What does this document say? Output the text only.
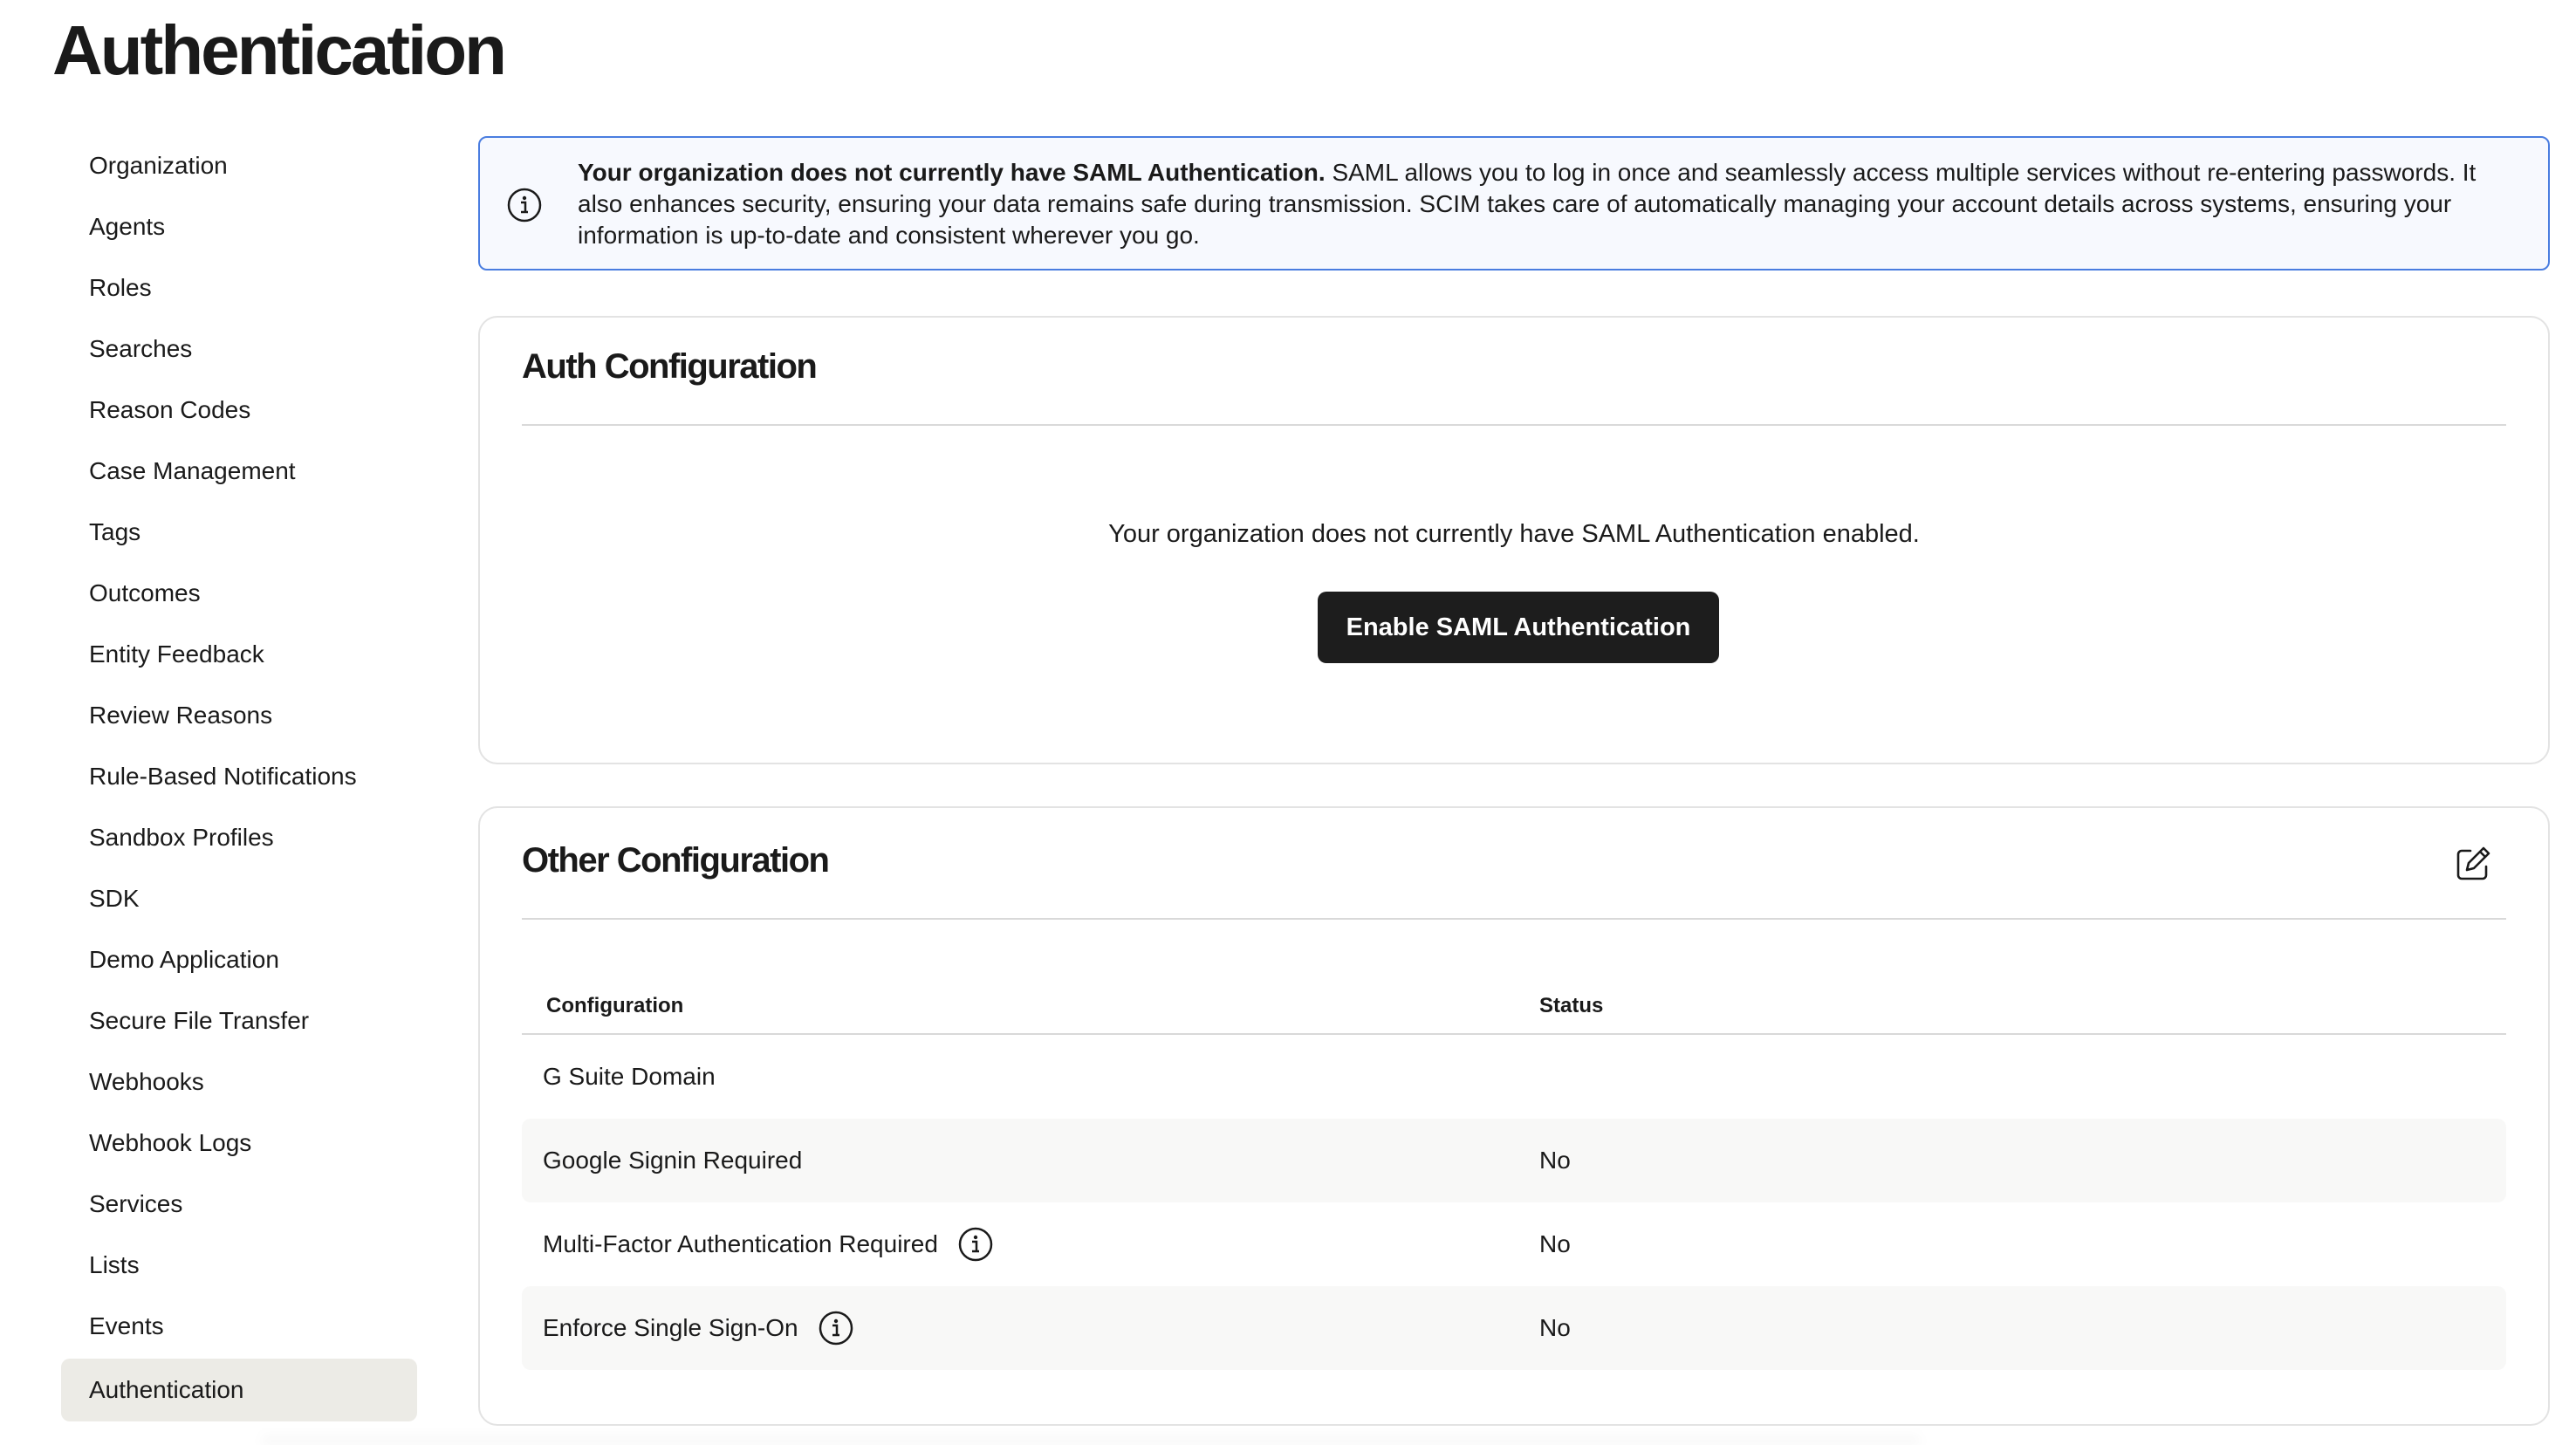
Authentication
Organization
Agents
Roles
Searches
Reason Codes
Case Management
Tags
Outcomes
Entity Feedback
Review Reasons
Rule-Based Notifications
Sandbox Profiles
SDK
Demo Application
Secure File Transfer
Webhooks
Webhook Logs
Services
Lists
Events
Authentication
Your organization does not currently have SAML Authentication. SAML allows you to log in once and seamlessly access multiple services without re-entering passwords. It also enhances security, ensuring your data remains safe during transmission. SCIM takes care of automatically managing your account details across systems, ensuring your information is up-to-date and consistent wherever you go.
Auth Configuration
Your organization does not currently have SAML Authentication enabled.
Enable SAML Authentication
Other Configuration
Configuration	Status
G Suite Domain
Google Signin Required	No
Multi-Factor Authentication Required	No
Enforce Single Sign-On	No
